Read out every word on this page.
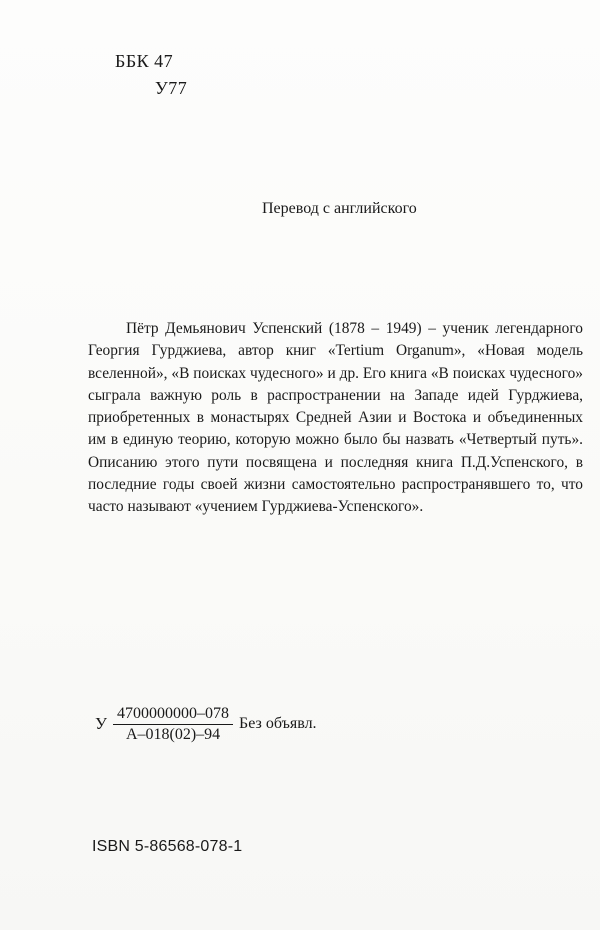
ББК 47
У77
Перевод с английского

Пётр Демьянович Успенский (1878 – 1949) – ученик легендарного Георгия Гурджиева, автор книг «Tertium Organum», «Новая модель вселенной», «В поисках чудесного» и др. Его книга «В поисках чудесного» сыграла важную роль в распространении на Западе идей Гурджиева, приобретенных в монастырях Средней Азии и Востока и объединенных им в единую теорию, которую можно было бы назвать «Четвертый путь». Описанию этого пути посвящена и последняя книга П.Д.Успенского, в последние годы своей жизни самостоятельно распространявшего то, что часто называют «учением Гурджиева-Успенского».

У $\frac{4700000000-078}{А-018(02)-94}$ Без объявл.
ISBN 5-86568-078-1
